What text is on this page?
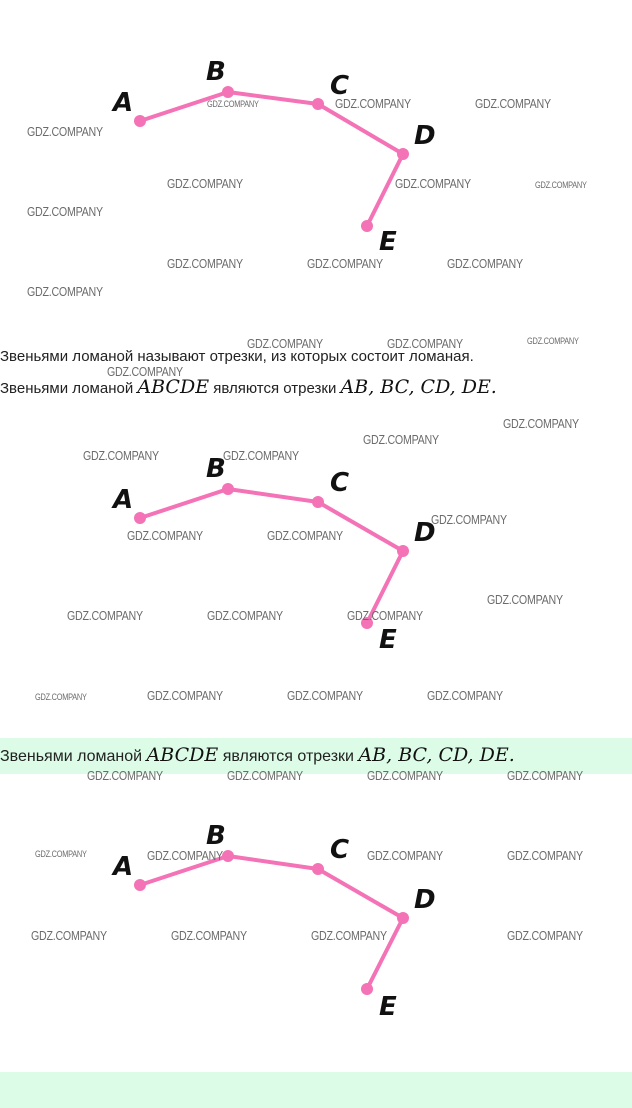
A
B	C
D
E
Звеньями ломаной называют отрезки, из которых состоит ломаная.
Звеньями ломаной ABCDE являются отрезки AB, BC, CD, DE.
A
B	C
D
E
Звеньями ломаной ABCDE являются отрезки AB, BC, CD, DE.
A
B	C
D
E
GDZ.COMPANY
GDZ.COMPANY	GDZ.COMPANY	GDZ.COMPANY
GDZ.COMPANY	GDZ.COMPANY	GDZ.COMPANY
GDZ.COMPANY
GDZ.COMPANY	GDZ.COMPANY	GDZ.COMPANY
GDZ.COMPANY
GDZ.COMPANY	GDZ.COMPANY	GDZ.COMPANY
GDZ.COMPANY
GDZ.COMPANY
GDZ.COMPANY
GDZ.COMPANY	GDZ.COMPANY
GDZ.COMPANY
GDZ.COMPANY	GDZ.COMPANY
GDZ.COMPANY
GDZ.COMPANY	GDZ.COMPANY	GDZ.COMPANY
GDZ.COMPANY	GDZ.COMPANY	GDZ.COMPANY	GDZ.COMPANY
GDZ.COMPANY	GDZ.COMPANY	GDZ.COMPANY	GDZ.COMPANY
GDZ.COMPANY	GDZ.COMPANY	GDZ.COMPANY	GDZ.COMPANY
GDZ.COMPANY	GDZ.COMPANY	GDZ.COMPANY	GDZ.COMPANY
